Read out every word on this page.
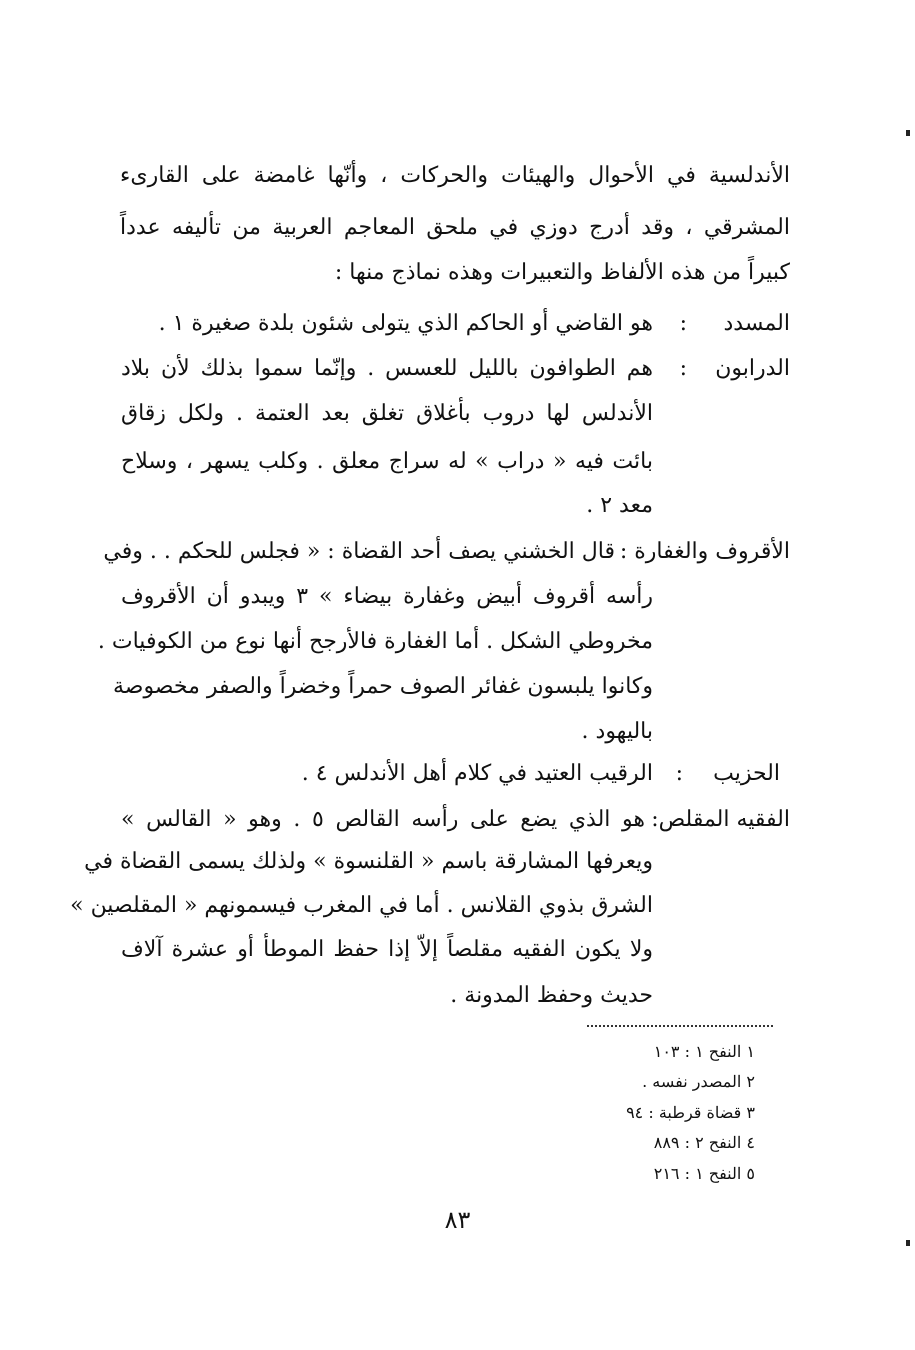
الأندلسية في الأحوال والهيئات والحركات ، وأنّها غامضة على القارىء
المشرقي ، وقد أدرج دوزي في ملحق المعاجم العربية من تأليفه عدداً
كبيراً من هذه الألفاظ والتعبيرات وهذه نماذج منها :
المسدد
:
هو القاضي أو الحاكم الذي يتولى شئون بلدة صغيرة ١ .
الدرابون
:
هم الطوافون بالليل للعسس . وإنّما سموا بذلك لأن بلاد
الأندلس لها دروب بأغلاق تغلق بعد العتمة . ولكل زقاق
بائت فيه « دراب » له سراج معلق . وكلب يسهر ، وسلاح
معد ٢ .
الأقروف والغفارة :
قال الخشني يصف أحد القضاة : « فجلس للحكم . . وفي
رأسه أقروف أبيض وغفارة بيضاء » ٣ ويبدو أن الأقروف
مخروطي الشكل . أما الغفارة فالأرجح أنها نوع من الكوفيات .
وكانوا يلبسون غفائر الصوف حمراً وخضراً والصفر مخصوصة
باليهود .
الحزيب
:
الرقيب العتيد في كلام أهل الأندلس ٤ .
الفقيه المقلص:
هو الذي يضع على رأسه القالص ٥ . وهو « القالس »
ويعرفها المشارقة باسم « القلنسوة » ولذلك يسمى القضاة في
الشرق بذوي القلانس . أما في المغرب فيسمونهم « المقلصين »
ولا يكون الفقيه مقلصاً إلاّ إذا حفظ الموطأ أو عشرة آلاف
حديث وحفظ المدونة .
١ النفح ١ : ١٠٣
٢ المصدر نفسه .
٣ قضاة قرطبة : ٩٤
٤ النفح ٢ : ٨٨٩
٥ النفح ١ : ٢١٦
٨٣
